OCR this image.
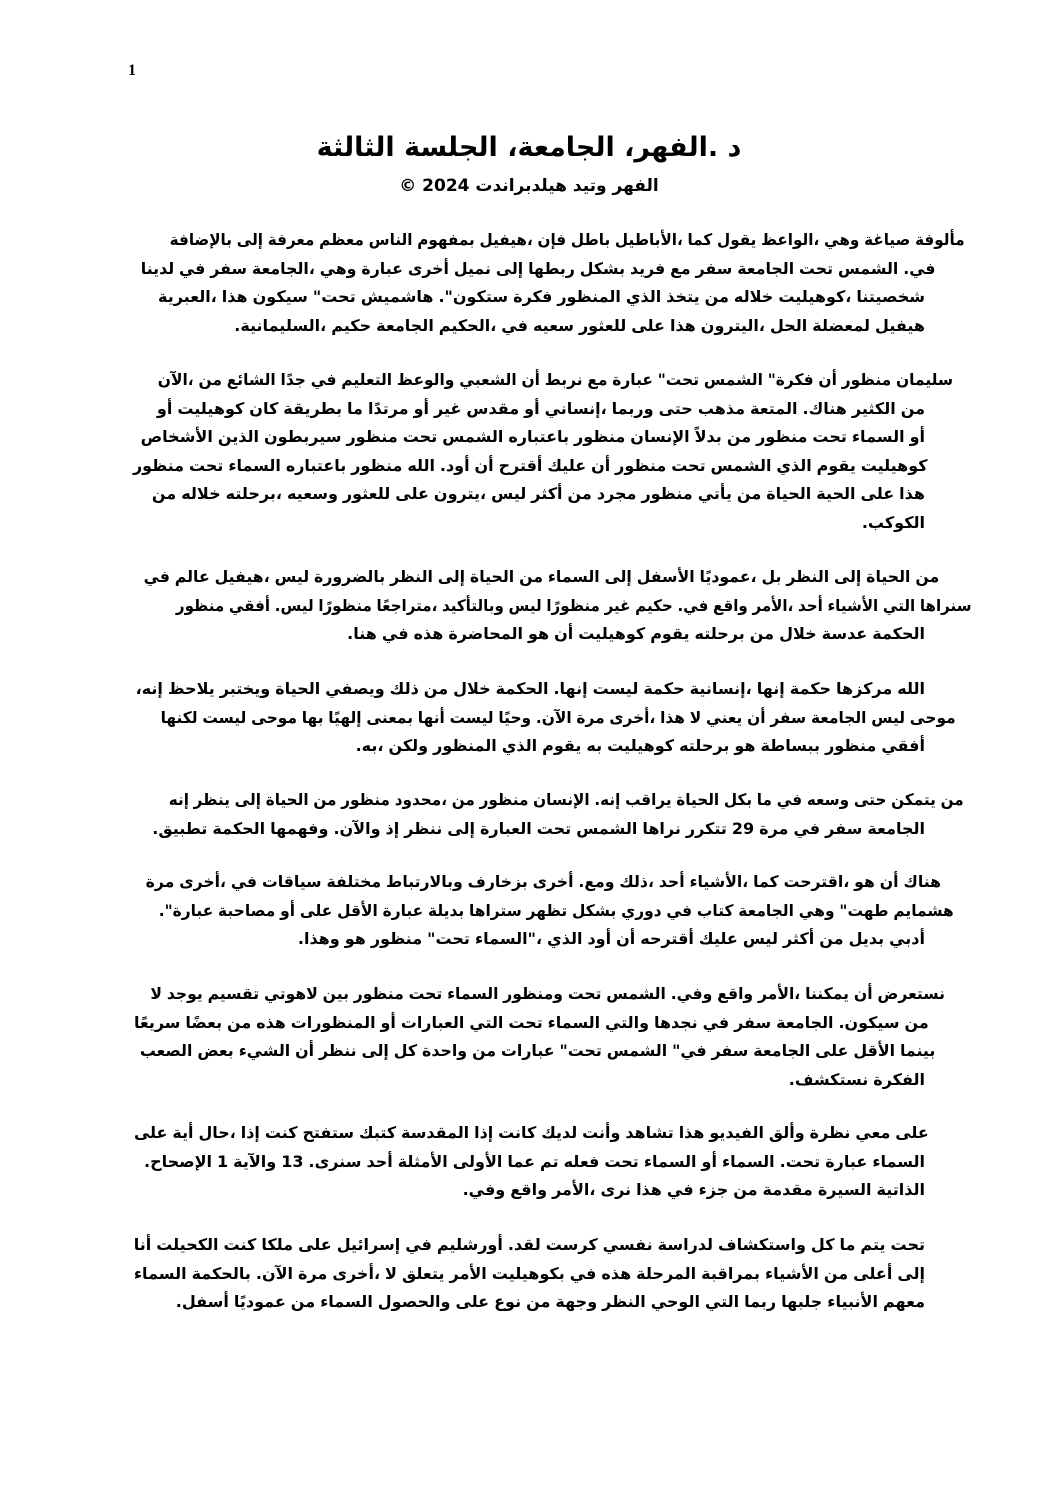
1
د .الفهر، الجامعة، الجلسة الثالثة
الفهر وتيد هيلدبراندت 2024 ©
بالإضافة إلى معرفة معظم الناس بمفهوم هيفيل، فإن باطل الأباطيل، كما يقول الواعظ، وهي صياغة مألوفة
لدينا في سفر الجامعة، وهي عبارة أخرى نميل إلى ربطها بشكل فريد مع سفر الجامعة تحت الشمس .في
العبرية، هذا سيكون "تحت هاشميش ."ستكون فكرة المنظور الذي يتخذ من خلاله كوهيليت، شخصيتنا
.السليمانية، حكيم الجامعة الحكيم، في سعيه للعثور على هذا اليترون، الحل لمعضلة هيفيل
الآن، من الشائع جدًا في التعليم والوعظ الشعبي أن نربط مع عبارة "تحت الشمس "فكرة أن منظور سليمان
أو كوهيليت كان بطريقة ما مرتدًا أو غير مقدس أو إنساني، وربما حتى مذهب المتعة .هناك الكثير من
الأشخاص الذين سيربطون منظور تحت الشمس باعتباره منظور الإنسان بدلاً من منظور تحت السماء أو
منظور تحت السماء باعتباره منظور الله .أود أن أقترح عليك أن منظور تحت الشمس الذي يقوم كوهيليت
من خلاله برحلته، وسعيه للعثور على يترون، ليس أكثر من مجرد منظور يأتي من الحياة الحية على هذا
.الكوكب
في عالم هيفيل، ليس بالضرورة النظر إلى الحياة من السماء إلى الأسفل عموديًا، بل النظر إلى الحياة من
منظور أفقي .ليس منظورًا متراجعًا، وبالتأكيد ليس منظورًا غير حكيم .في واقع الأمر، أحد الأشياء التي سنراها
.هنا في هذه المحاضرة هو أن كوهيليت يقوم برحلته من خلال عدسة الحكمة
،إنه يلاحظ ويختبر الحياة ويصفي ذلك من خلال الحكمة .إنها ليست حكمة إنسانية، إنها حكمة مركزها الله
لكنها ليست موحى بها إلهيًا بمعنى أنها ليست وحيًا .الآن مرة أخرى، هذا لا يعني أن سفر الجامعة ليس موحى
.به، ولكن المنظور الذي يقوم به كوهيليت برحلته هو ببساطة منظور أفقي
إنه ينظر إلى الحياة من منظور محدود، من منظور الإنسان .إنه يراقب الحياة بكل ما في وسعه حتى يتمكن من
.تطبيق الحكمة وفهمها .والآن إذ ننظر إلى العبارة تحت الشمس نراها تتكرر 29 مرة في سفر الجامعة
مرة أخرى، في سياقات مختلفة وبالارتباط بزخارف أخرى .ومع ذلك، أحد الأشياء، كما اقترحت، هو أن هناك
."عبارة مصاحبة أو على الأقل عبارة بديلة ستراها تظهر بشكل دوري في كتاب الجامعة وهي "طهت هشمايم
.وهذا هو منظور "تحت السماء"، الذي أود أن أقترحه عليك ليس أكثر من بديل أدبي
لا يوجد تقسيم لاهوتي بين منظور تحت السماء ومنظور تحت الشمس .وفي واقع الأمر، يمكننا أن نستعرض
سريعًا بعضًا من هذه المنظورات أو العبارات التي تحت السماء والتي نجدها في سفر الجامعة .سيكون من
الصعب بعض الشيء أن ننظر إلى كل واحدة من عبارات "تحت الشمس "في سفر الجامعة على الأقل بينما
.نستكشف الفكرة
على أية حال، إذا كنت ستفتح كتبك المقدسة إذا كانت لديك وأنت تشاهد هذا الفيديو وألق نظرة معي على
.الإصحاح 1 والآية 13 .سنرى أحد الأمثلة الأولى عما تم فعله تحت السماء أو السماء .تحت عبارة السماء
.وفي واقع الأمر، نرى هذا في جزء من مقدمة السيرة الذاتية
أنا الكحيلت كنت ملكا على إسرائيل في أورشليم .لقد كرست نفسي لدراسة واستكشاف كل ما يتم تحت
السماء بالحكمة .الآن مرة أخرى، لا يتعلق الأمر بكوهيليت في هذه المرحلة بمراقبة الأشياء من أعلى إلى
.أسفل عموديًا من السماء والحصول على نوع من وجهة النظر الوحي التي ربما جلبها الأنبياء معهم
